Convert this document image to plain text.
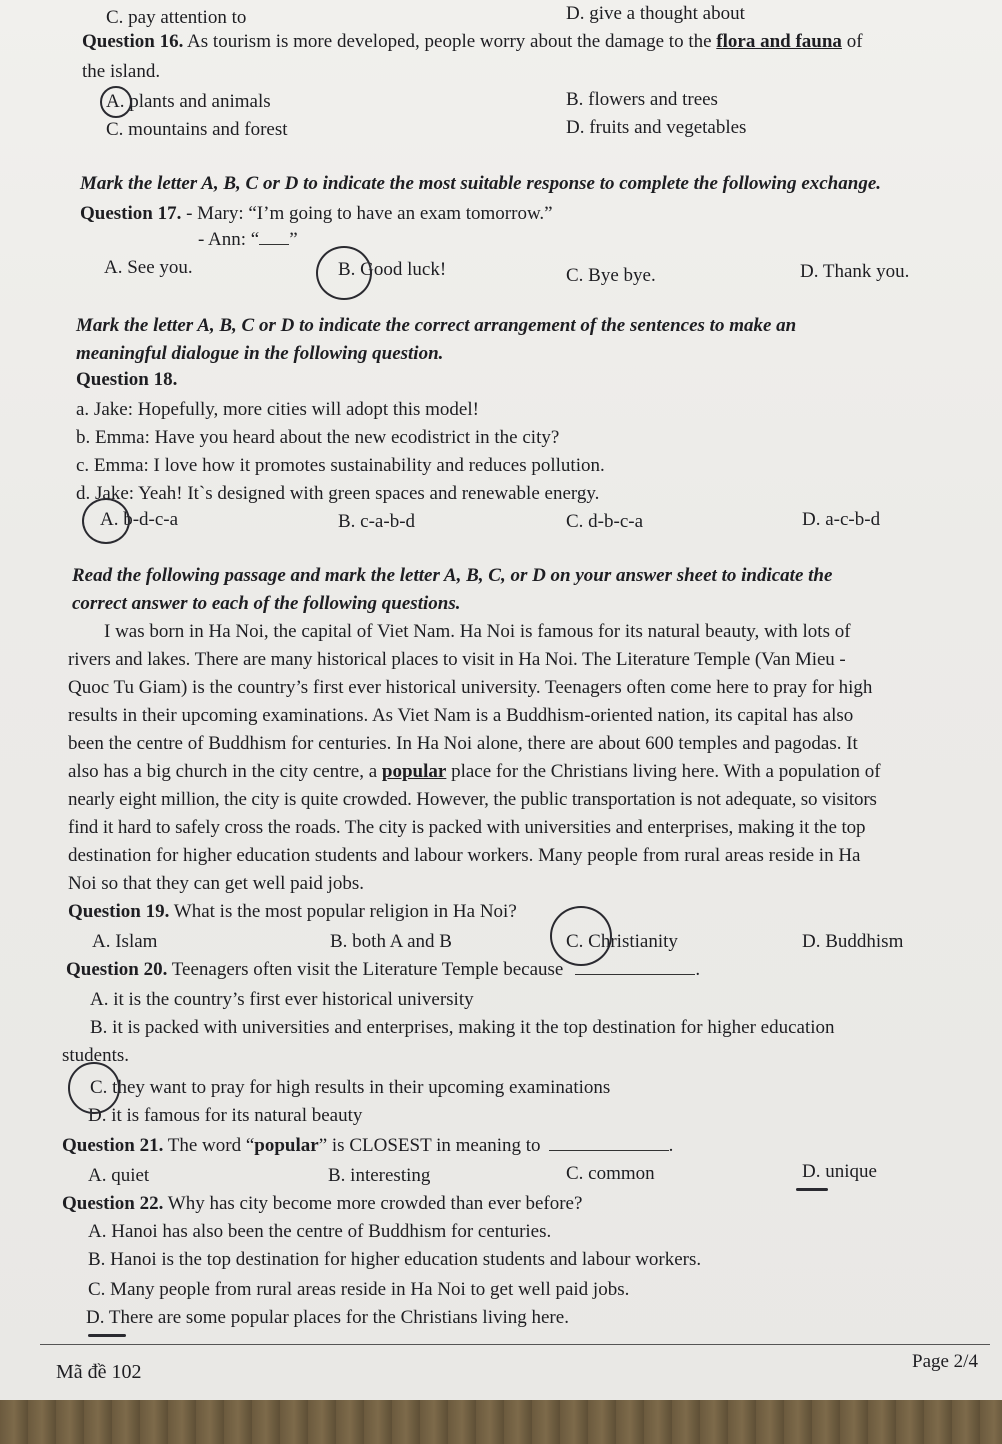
C. pay attention to	D. give a thought about
Question 16. As tourism is more developed, people worry about the damage to the flora and fauna of
the island.
A. plants and animals	B. flowers and trees
C. mountains and forest	D. fruits and vegetables
Mark the letter A, B, C or D to indicate the most suitable response to complete the following exchange.
Question 17. - Mary: “I’m going to have an exam tomorrow.”
- Ann: “ ”
A. See you.	B. Good luck!	C. Bye bye.	D. Thank you.
Mark the letter A, B, C or D to indicate the correct arrangement of the sentences to make an
meaningful dialogue in the following question.
Question 18.
a. Jake: Hopefully, more cities will adopt this model!
b. Emma: Have you heard about the new ecodistrict in the city?
c. Emma: I love how it promotes sustainability and reduces pollution.
d. Jake: Yeah! It`s designed with green spaces and renewable energy.
A. b-d-c-a	B. c-a-b-d	C. d-b-c-a	D. a-c-b-d
Read the following passage and mark the letter A, B, C, or D on your answer sheet to indicate the
correct answer to each of the following questions.
I was born in Ha Noi, the capital of Viet Nam. Ha Noi is famous for its natural beauty, with lots of
rivers and lakes. There are many historical places to visit in Ha Noi. The Literature Temple (Van Mieu -
Quoc Tu Giam) is the country’s first ever historical university. Teenagers often come here to pray for high
results in their upcoming examinations. As Viet Nam is a Buddhism-oriented nation, its capital has also
been the centre of Buddhism for centuries. In Ha Noi alone, there are about 600 temples and pagodas. It
also has a big church in the city centre, a popular place for the Christians living here. With a population of
nearly eight million, the city is quite crowded. However, the public transportation is not adequate, so visitors
find it hard to safely cross the roads. The city is packed with universities and enterprises, making it the top
destination for higher education students and labour workers. Many people from rural areas reside in Ha
Noi so that they can get well paid jobs.
Question 19. What is the most popular religion in Ha Noi?
A. Islam	B. both A and B	C. Christianity	D. Buddhism
Question 20. Teenagers often visit the Literature Temple because	.
A. it is the country’s first ever historical university
B. it is packed with universities and enterprises, making it the top destination for higher education
students.
C. they want to pray for high results in their upcoming examinations
D. it is famous for its natural beauty
Question 21. The word “popular” is CLOSEST in meaning to	.
A. quiet	B. interesting	C. common	D. unique
Question 22. Why has city become more crowded than ever before?
A. Hanoi has also been the centre of Buddhism for centuries.
B. Hanoi is the top destination for higher education students and labour workers.
C. Many people from rural areas reside in Ha Noi to get well paid jobs.
D. There are some popular places for the Christians living here.
Mã đề 102	Page 2/4
